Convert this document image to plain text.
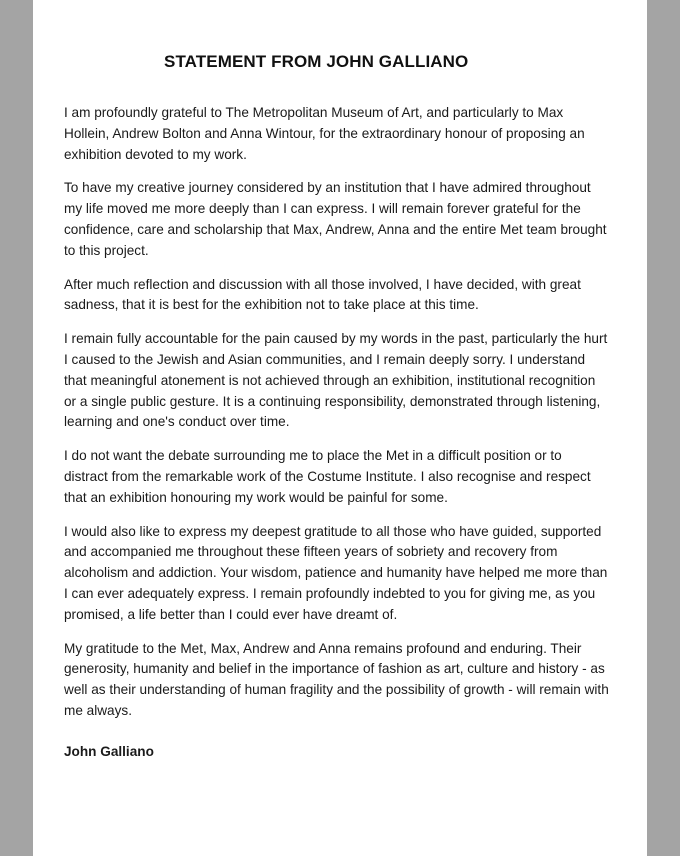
STATEMENT FROM JOHN GALLIANO

I am profoundly grateful to The Metropolitan Museum of Art, and particularly to Max Hollein, Andrew Bolton and Anna Wintour, for the extraordinary honour of proposing an exhibition devoted to my work.

To have my creative journey considered by an institution that I have admired throughout my life moved me more deeply than I can express. I will remain forever grateful for the confidence, care and scholarship that Max, Andrew, Anna and the entire Met team brought to this project.

After much reflection and discussion with all those involved, I have decided, with great sadness, that it is best for the exhibition not to take place at this time.

I remain fully accountable for the pain caused by my words in the past, particularly the hurt I caused to the Jewish and Asian communities, and I remain deeply sorry. I understand that meaningful atonement is not achieved through an exhibition, institutional recognition or a single public gesture. It is a continuing responsibility, demonstrated through listening, learning and one's conduct over time.

I do not want the debate surrounding me to place the Met in a difficult position or to distract from the remarkable work of the Costume Institute. I also recognise and respect that an exhibition honouring my work would be painful for some.

I would also like to express my deepest gratitude to all those who have guided, supported and accompanied me throughout these fifteen years of sobriety and recovery from alcoholism and addiction. Your wisdom, patience and humanity have helped me more than I can ever adequately express. I remain profoundly indebted to you for giving me, as you promised, a life better than I could ever have dreamt of.

My gratitude to the Met, Max, Andrew and Anna remains profound and enduring. Their generosity, humanity and belief in the importance of fashion as art, culture and history - as well as their understanding of human fragility and the possibility of growth - will remain with me always.

John Galliano
